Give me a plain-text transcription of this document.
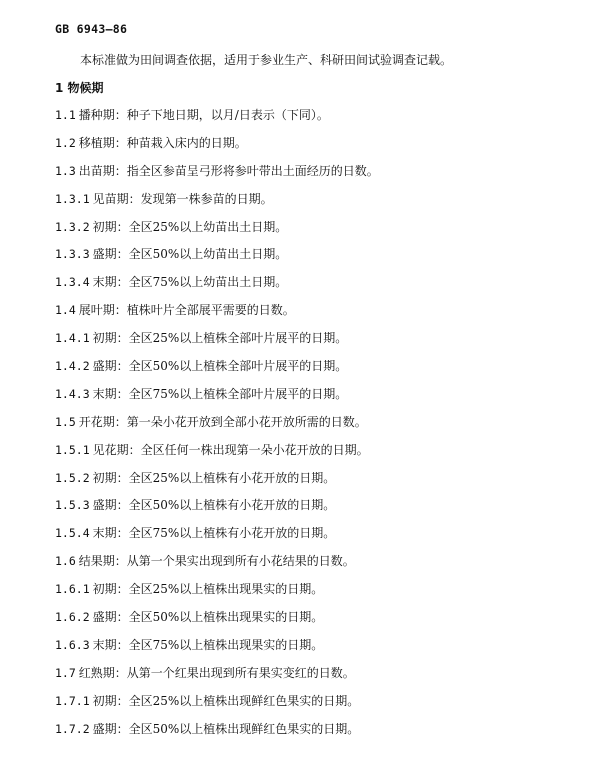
GB 6943—86
本标准做为田间调查依据，适用于参业生产、科研田间试验调查记载。
1 物候期
1.1 播种期：种子下地日期，以月/日表示（下同）。
1.2 移植期：种苗栽入床内的日期。
1.3 出苗期：指全区参苗呈弓形将参叶带出土面经历的日数。
1.3.1 见苗期：发现第一株参苗的日期。
1.3.2 初期：全区25%以上幼苗出土日期。
1.3.3 盛期：全区50%以上幼苗出土日期。
1.3.4 末期：全区75%以上幼苗出土日期。
1.4 展叶期：植株叶片全部展平需要的日数。
1.4.1 初期：全区25%以上植株全部叶片展平的日期。
1.4.2 盛期：全区50%以上植株全部叶片展平的日期。
1.4.3 末期：全区75%以上植株全部叶片展平的日期。
1.5 开花期：第一朵小花开放到全部小花开放所需的日数。
1.5.1 见花期：全区任何一株出现第一朵小花开放的日期。
1.5.2 初期：全区25%以上植株有小花开放的日期。
1.5.3 盛期：全区50%以上植株有小花开放的日期。
1.5.4 末期：全区75%以上植株有小花开放的日期。
1.6 结果期：从第一个果实出现到所有小花结果的日数。
1.6.1 初期：全区25%以上植株出现果实的日期。
1.6.2 盛期：全区50%以上植株出现果实的日期。
1.6.3 末期：全区75%以上植株出现果实的日期。
1.7 红熟期：从第一个红果出现到所有果实变红的日数。
1.7.1 初期：全区25%以上植株出现鲜红色果实的日期。
1.7.2 盛期：全区50%以上植株出现鲜红色果实的日期。
